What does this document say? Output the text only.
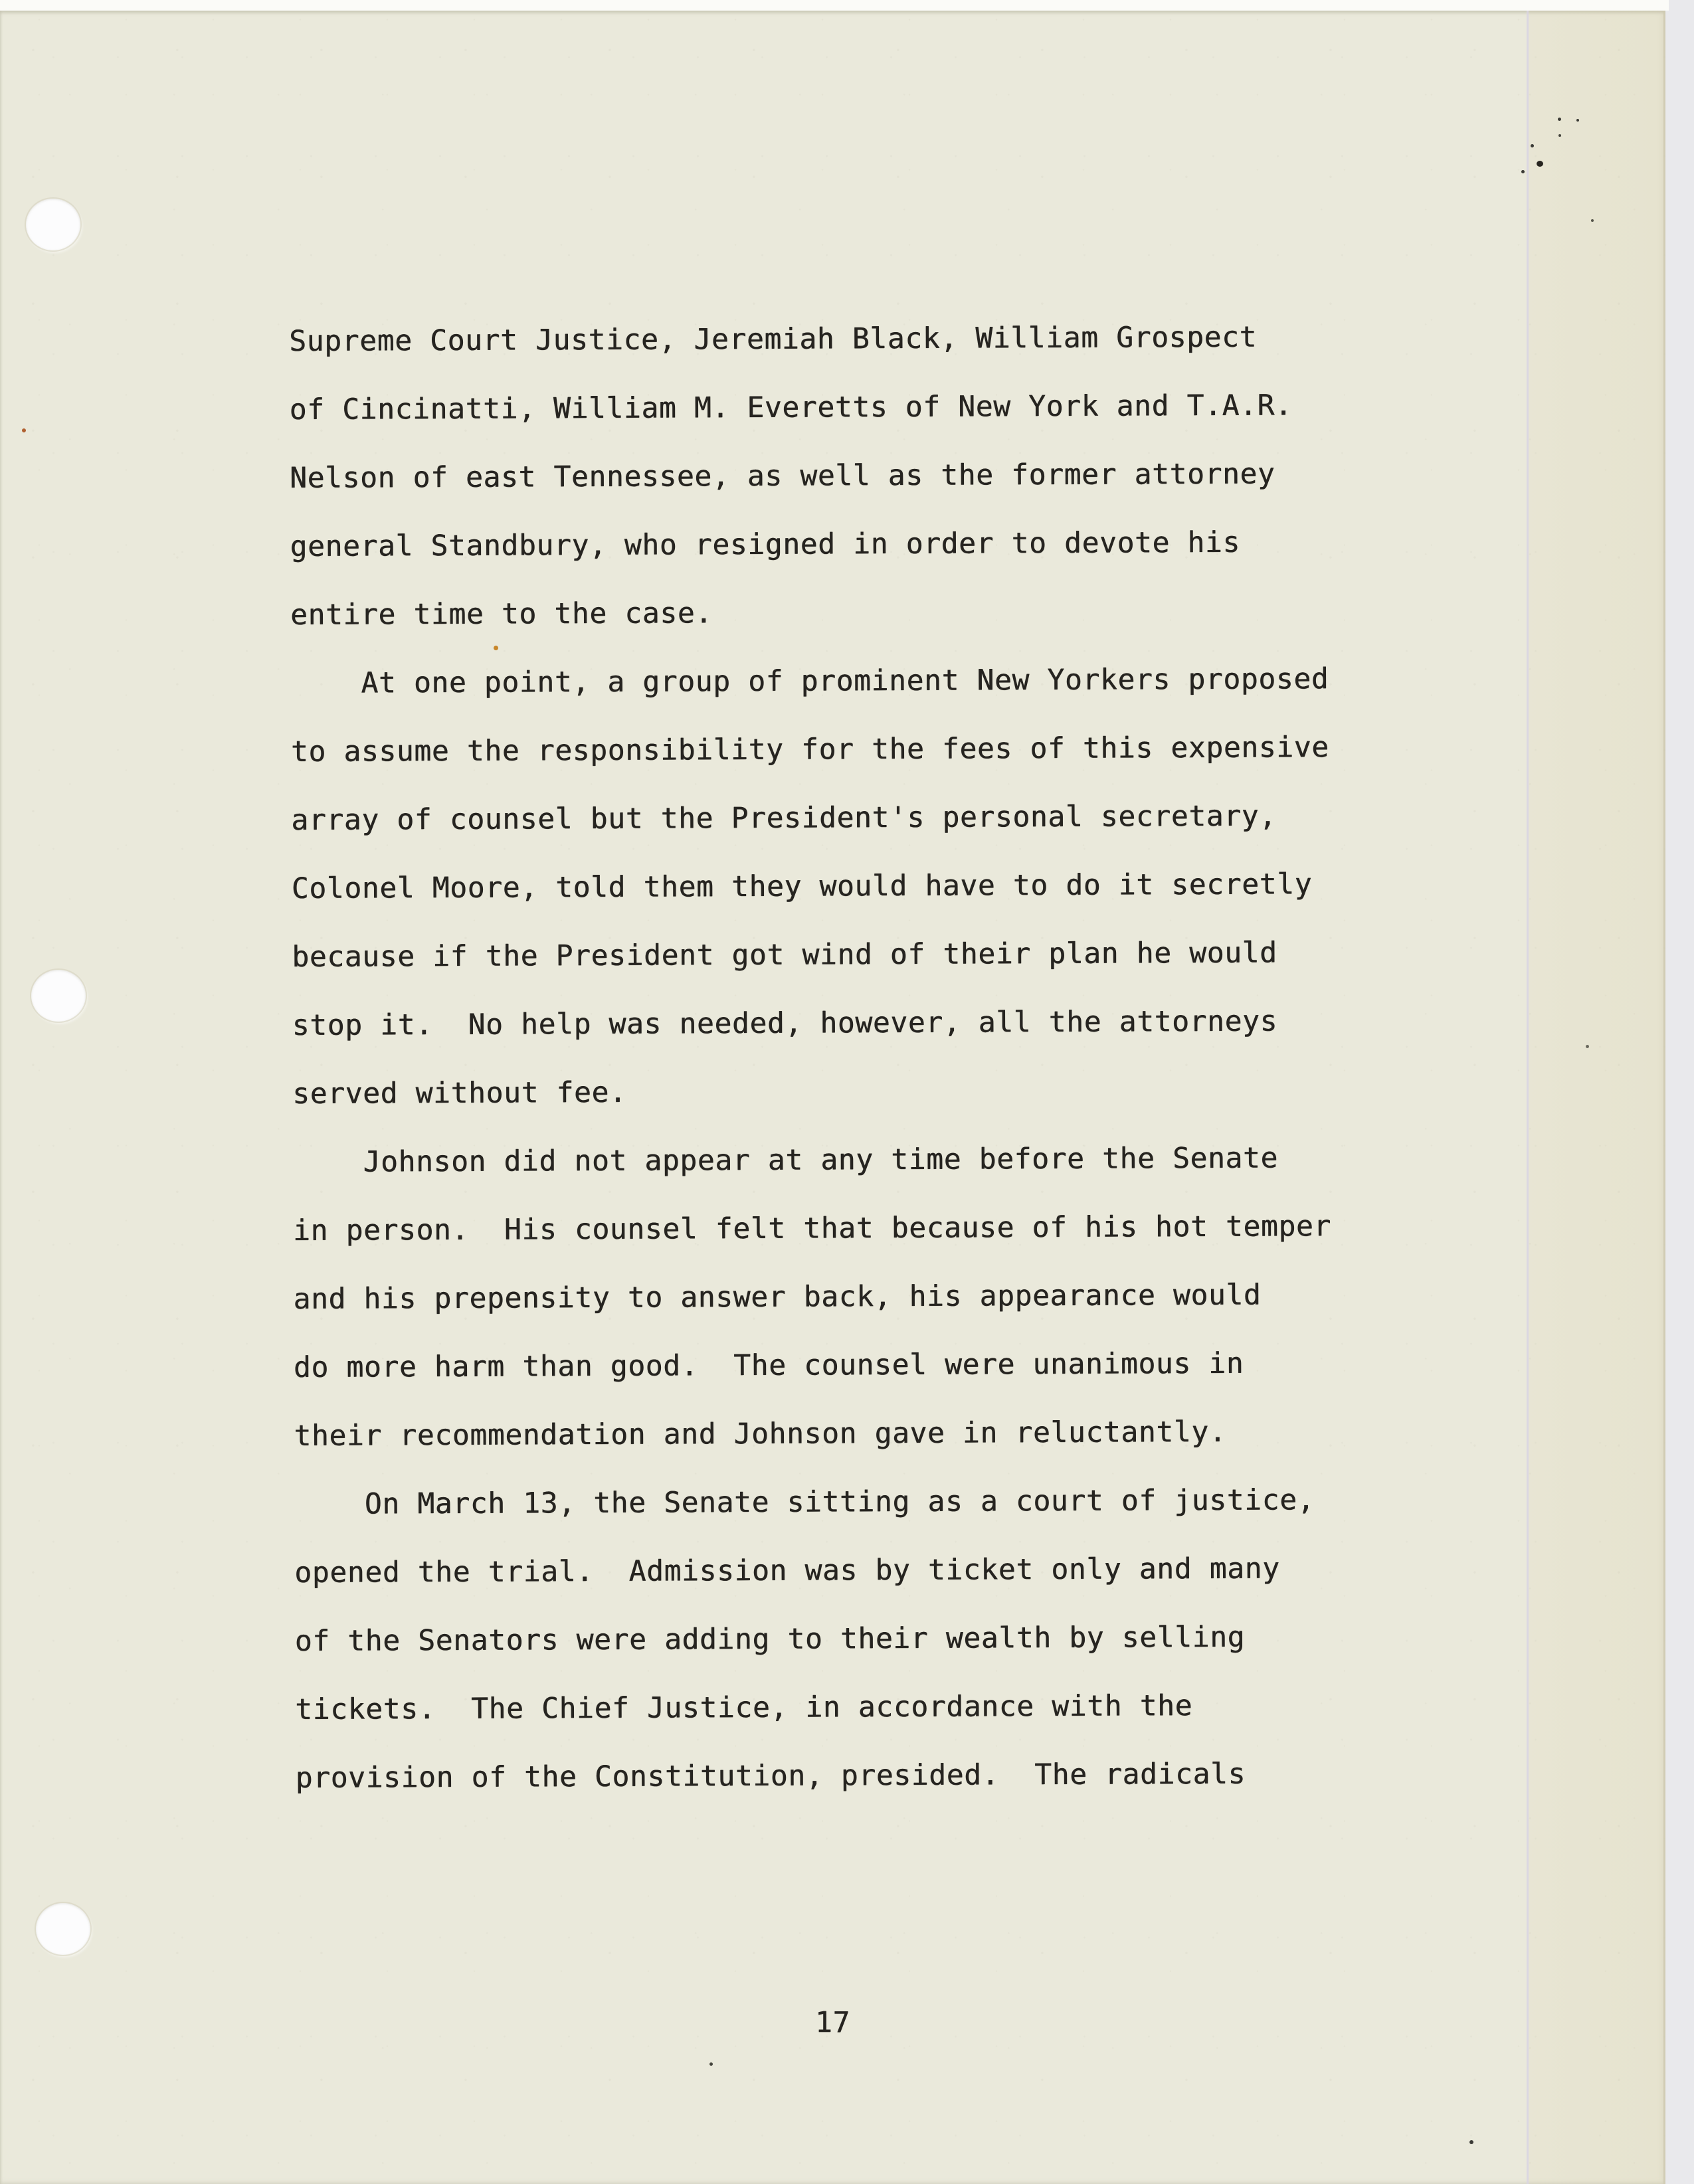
Supreme Court Justice, Jeremiah Black, William Grospect
of Cincinatti, William M. Everetts of New York and T.A.R.
Nelson of east Tennessee, as well as the former attorney
general Standbury, who resigned in order to devote his
entire time to the case.
At one point, a group of prominent New Yorkers proposed
to assume the responsibility for the fees of this expensive
array of counsel but the President's personal secretary,
Colonel Moore, told them they would have to do it secretly
because if the President got wind of their plan he would
stop it.  No help was needed, however, all the attorneys
served without fee.
Johnson did not appear at any time before the Senate
in person.  His counsel felt that because of his hot temper
and his prepensity to answer back, his appearance would
do more harm than good.  The counsel were unanimous in
their recommendation and Johnson gave in reluctantly.
On March 13, the Senate sitting as a court of justice,
opened the trial.  Admission was by ticket only and many
of the Senators were adding to their wealth by selling
tickets.  The Chief Justice, in accordance with the
provision of the Constitution, presided.  The radicals
17
